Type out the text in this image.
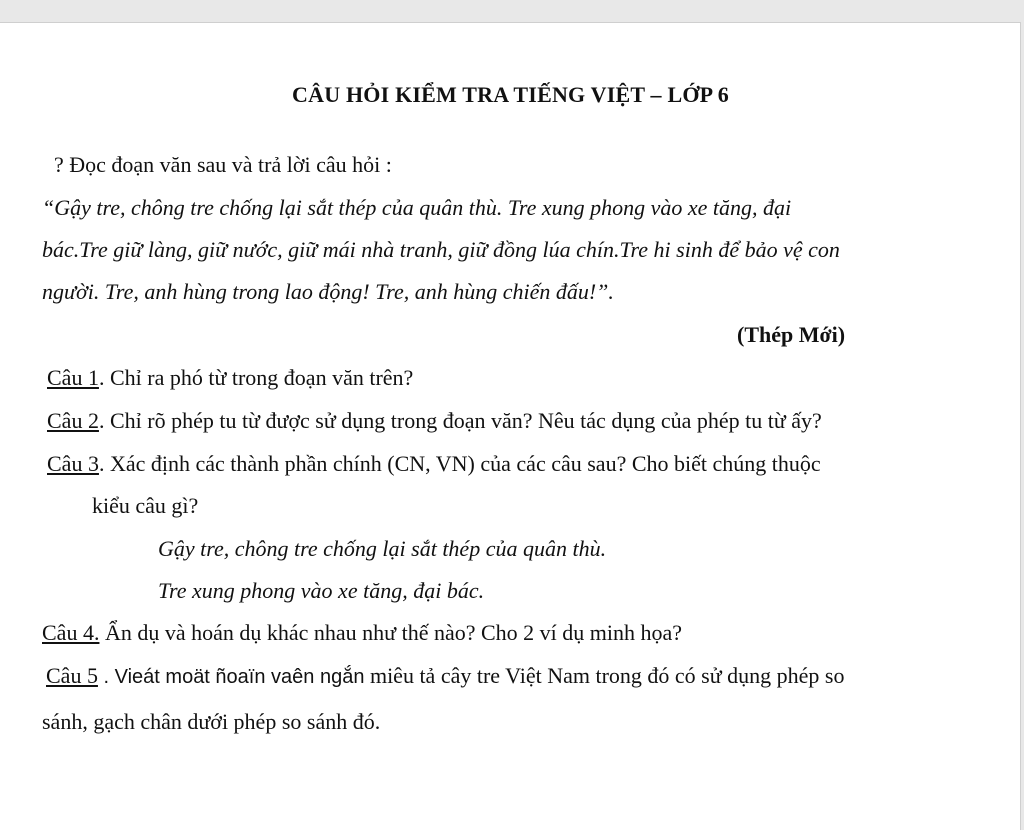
CÂU HỎI KIỂM TRA TIẾNG VIỆT – LỚP 6
? Đọc đoạn văn sau và trả lời câu hỏi :
“Gậy tre, chông tre chống lại sắt thép của quân thù. Tre xung phong vào xe tăng, đại
bác.Tre giữ làng, giữ nước, giữ mái nhà tranh, giữ đồng lúa chín.Tre hi sinh để bảo vệ con
người. Tre, anh hùng trong lao động! Tre, anh hùng chiến đấu!”.
(Thép Mới)
Câu 1. Chỉ ra phó từ trong đoạn văn trên?
Câu 2. Chỉ rõ phép tu từ được sử dụng trong đoạn văn? Nêu tác dụng của phép tu từ ấy?
Câu 3. Xác định các thành phần chính (CN, VN) của các câu sau? Cho biết chúng thuộc
kiểu câu gì?
Gậy tre, chông tre chống lại sắt thép của quân thù.
Tre xung phong vào xe tăng, đại bác.
Câu 4. Ẩn dụ và hoán dụ khác nhau như thế nào? Cho 2 ví dụ minh họa?
Câu 5 . Vieát moät ñoaïn vaên ngắn miêu tả cây tre Việt Nam trong đó có sử dụng phép so
sánh, gạch chân dưới phép so sánh đó.
